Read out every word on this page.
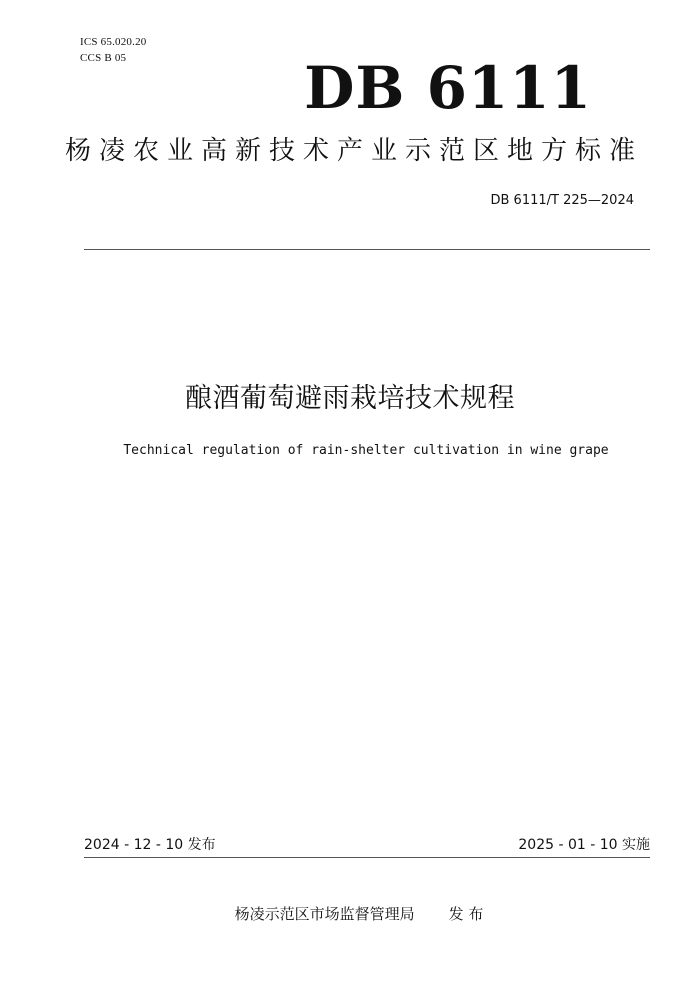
ICS 65.020.20
CCS B 05	DB 6111
杨凌农业高新技术产业示范区地方标准
DB 6111/T 225—2024
酿酒葡萄避雨栽培技术规程
Technical regulation of rain-shelter cultivation in wine grape
2024 - 12 - 10 发布	2025 - 01 - 10 实施
杨凌示范区市场监督管理局 发 布
